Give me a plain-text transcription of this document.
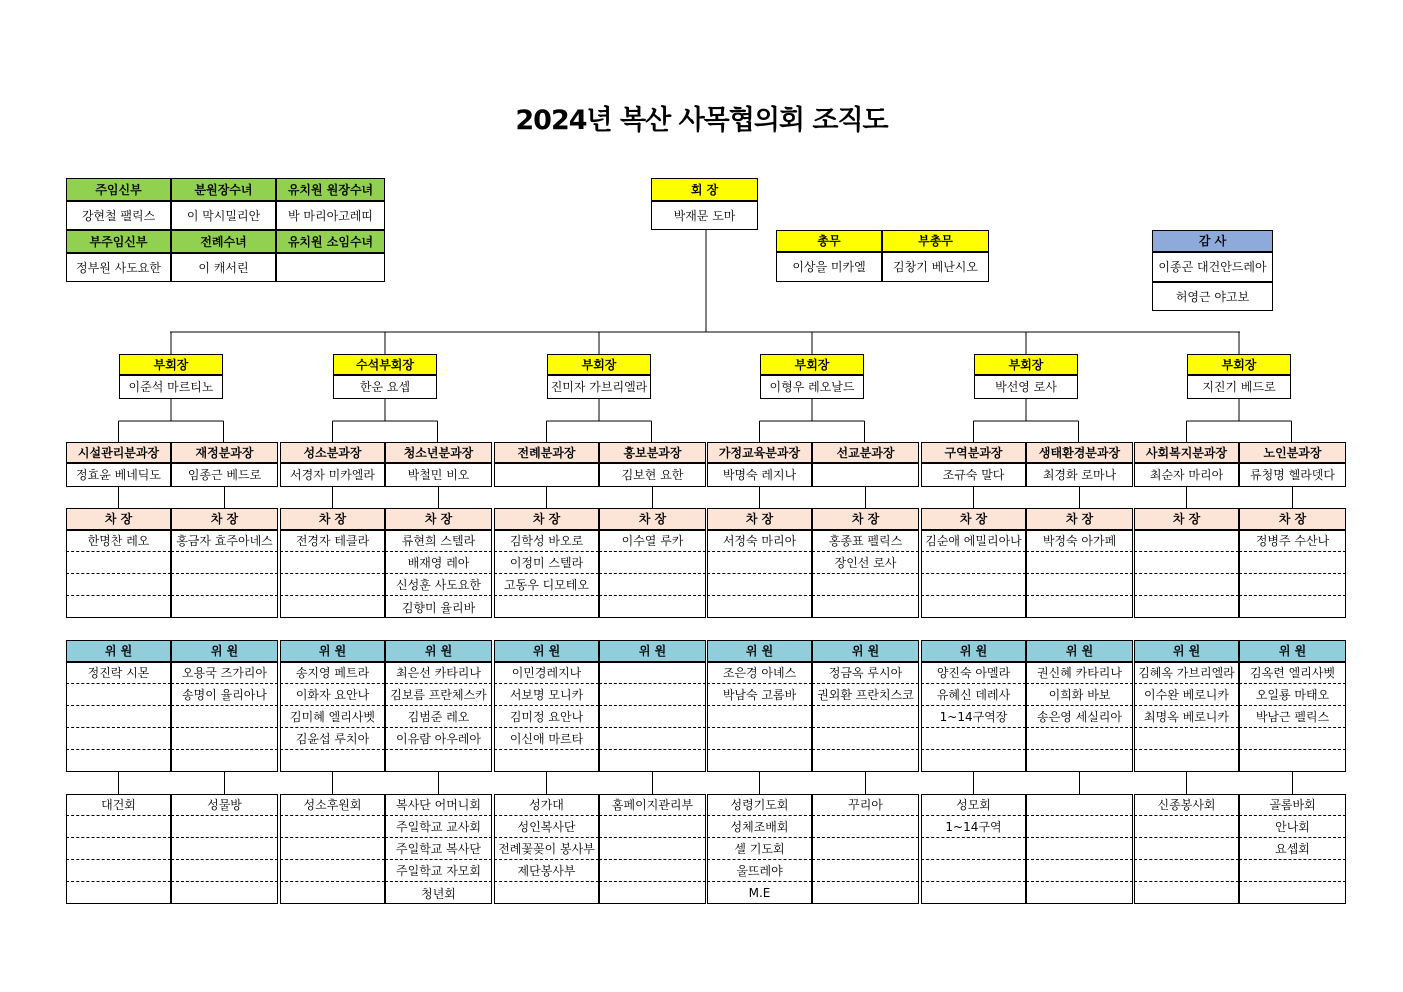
2024년 복산 사목협의회 조직도
주임신부
강현철 팰릭스
부주임신부
정부원 사도요한
분원장수녀
이 막시밀리안
전례수녀
이 캐서린
유치원 원장수녀
박 마리아고레띠
유치원 소임수녀
회 장
박재문 도마
총무	부총무
이상을 미카엘	김창기 베난시오
감 사
이종곤 대건안드레아
허영근 야고보
부회장
이준석 마르티노
시설관리분과장
정효윤 베네딕도
차 장
한명찬 레오
위 원
정진락 시몬
대건회
재정분과장
임종근 베드로
차 장
홍금자 효주아네스
위 원
오용국 즈가리아
송명이 율리아나
성물방
수석부회장
한운 요셉
성소분과장
서경자 미카엘라
차 장
전경자 테클라
위 원
송지영 페트라
이화자 요안나
김미혜 엘리사벳
김윤섭 루치아
성소후원회
청소년분과장
박철민 비오
차 장
류현희 스텔라
배재영 레아
신성훈 사도요한
김향미 율리바
위 원
최은선 카타리나
김보름 프란체스카
김범준 레오
이유람 아우레아
복사단 어머니회
주일학교 교사회
주일학교 복사단
주일학교 자모회
청년회
부회장
진미자 가브리엘라
전례분과장
차 장
김학성 바오로
이정미 스텔라
고동우 디모테오
위 원
이민경레지나
서보명 모니카
김미정 요안나
이신애 마르타
성가대
성인복사단
전례꽃꽂이 봉사부
제단봉사부
홍보분과장
김보현 요한
차 장
이수열 루카
위 원
홈페이지관리부
부회장
이형우 레오날드
가정교육분과장
박명숙 레지나
차 장
서정숙 마리아
위 원
조은경 아녜스
박남숙 고롬바
성령기도회
성체조배회
셀 기도회
울뜨레야
M.E
선교분과장
차 장
홍종표 펠릭스
장인선 로사
위 원
정금옥 루시아
권외환 프란치스코
꾸리아
부회장
박선영 로사
구역분과장
조규숙 말다
차 장
김순애 에밀리아나
위 원
양진숙 아멜라
유혜신 데레사
1~14구역장
성모회
1~14구역
생태환경분과장
최경화 로마나
차 장
박정숙 아가페
위 원
권신혜 카타리나
이희화 바보
송은영 세실리아
부회장
지진기 베드로
사회복지분과장
최순자 마리아
차 장
위 원
김혜옥 가브리엘라
이수완 베로니카
최명옥 베로니카
신종봉사회
노인분과장
류청명 헬라뎃다
차 장
정병주 수산나
위 원
김옥련 엘리사벳
오일룡 마태오
박남근 펠릭스
골롬바회
안나회
요셉회
